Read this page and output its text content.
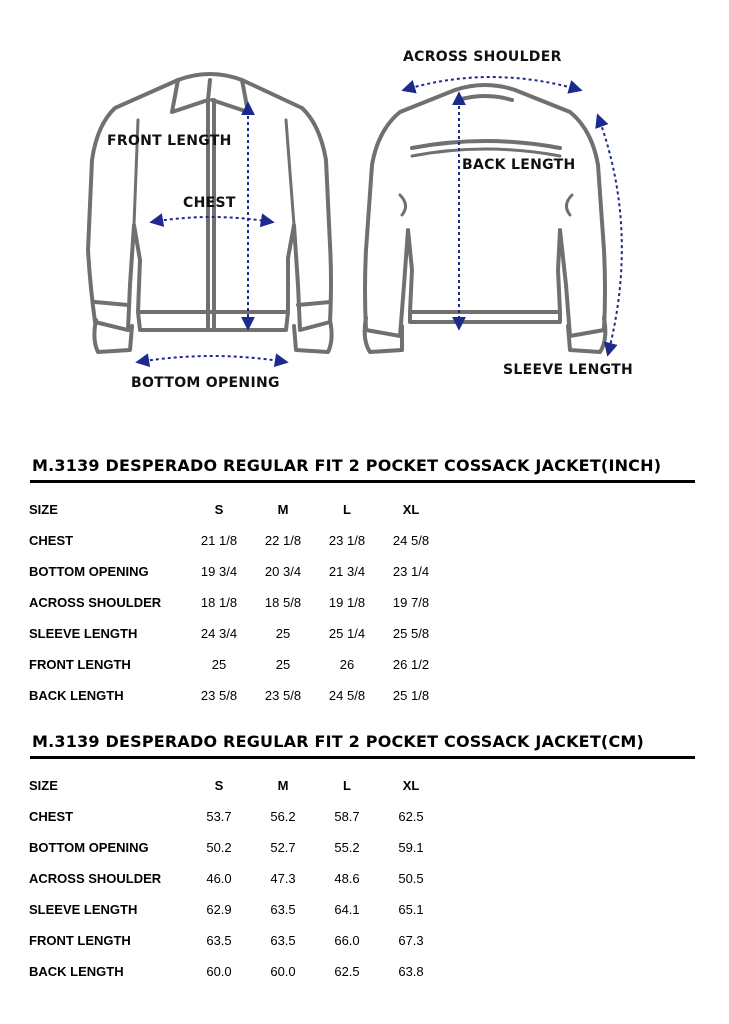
FRONT LENGTH
CHEST
BOTTOM OPENING
ACROSS SHOULDER
BACK LENGTH
SLEEVE LENGTH
M.3139 DESPERADO REGULAR FIT 2 POCKET COSSACK JACKET(INCH)
SIZE	S	M	L	XL
CHEST	21 1/8	22 1/8	23 1/8	24 5/8
BOTTOM OPENING	19 3/4	20 3/4	21 3/4	23 1/4
ACROSS SHOULDER	18 1/8	18 5/8	19 1/8	19 7/8
SLEEVE LENGTH	24 3/4	25	25 1/4	25 5/8
FRONT LENGTH	25	25	26	26 1/2
BACK LENGTH	23 5/8	23 5/8	24 5/8	25 1/8
M.3139 DESPERADO REGULAR FIT 2 POCKET COSSACK JACKET(CM)
SIZE	S	M	L	XL
CHEST	53.7	56.2	58.7	62.5
BOTTOM OPENING	50.2	52.7	55.2	59.1
ACROSS SHOULDER	46.0	47.3	48.6	50.5
SLEEVE LENGTH	62.9	63.5	64.1	65.1
FRONT LENGTH	63.5	63.5	66.0	67.3
BACK LENGTH	60.0	60.0	62.5	63.8
